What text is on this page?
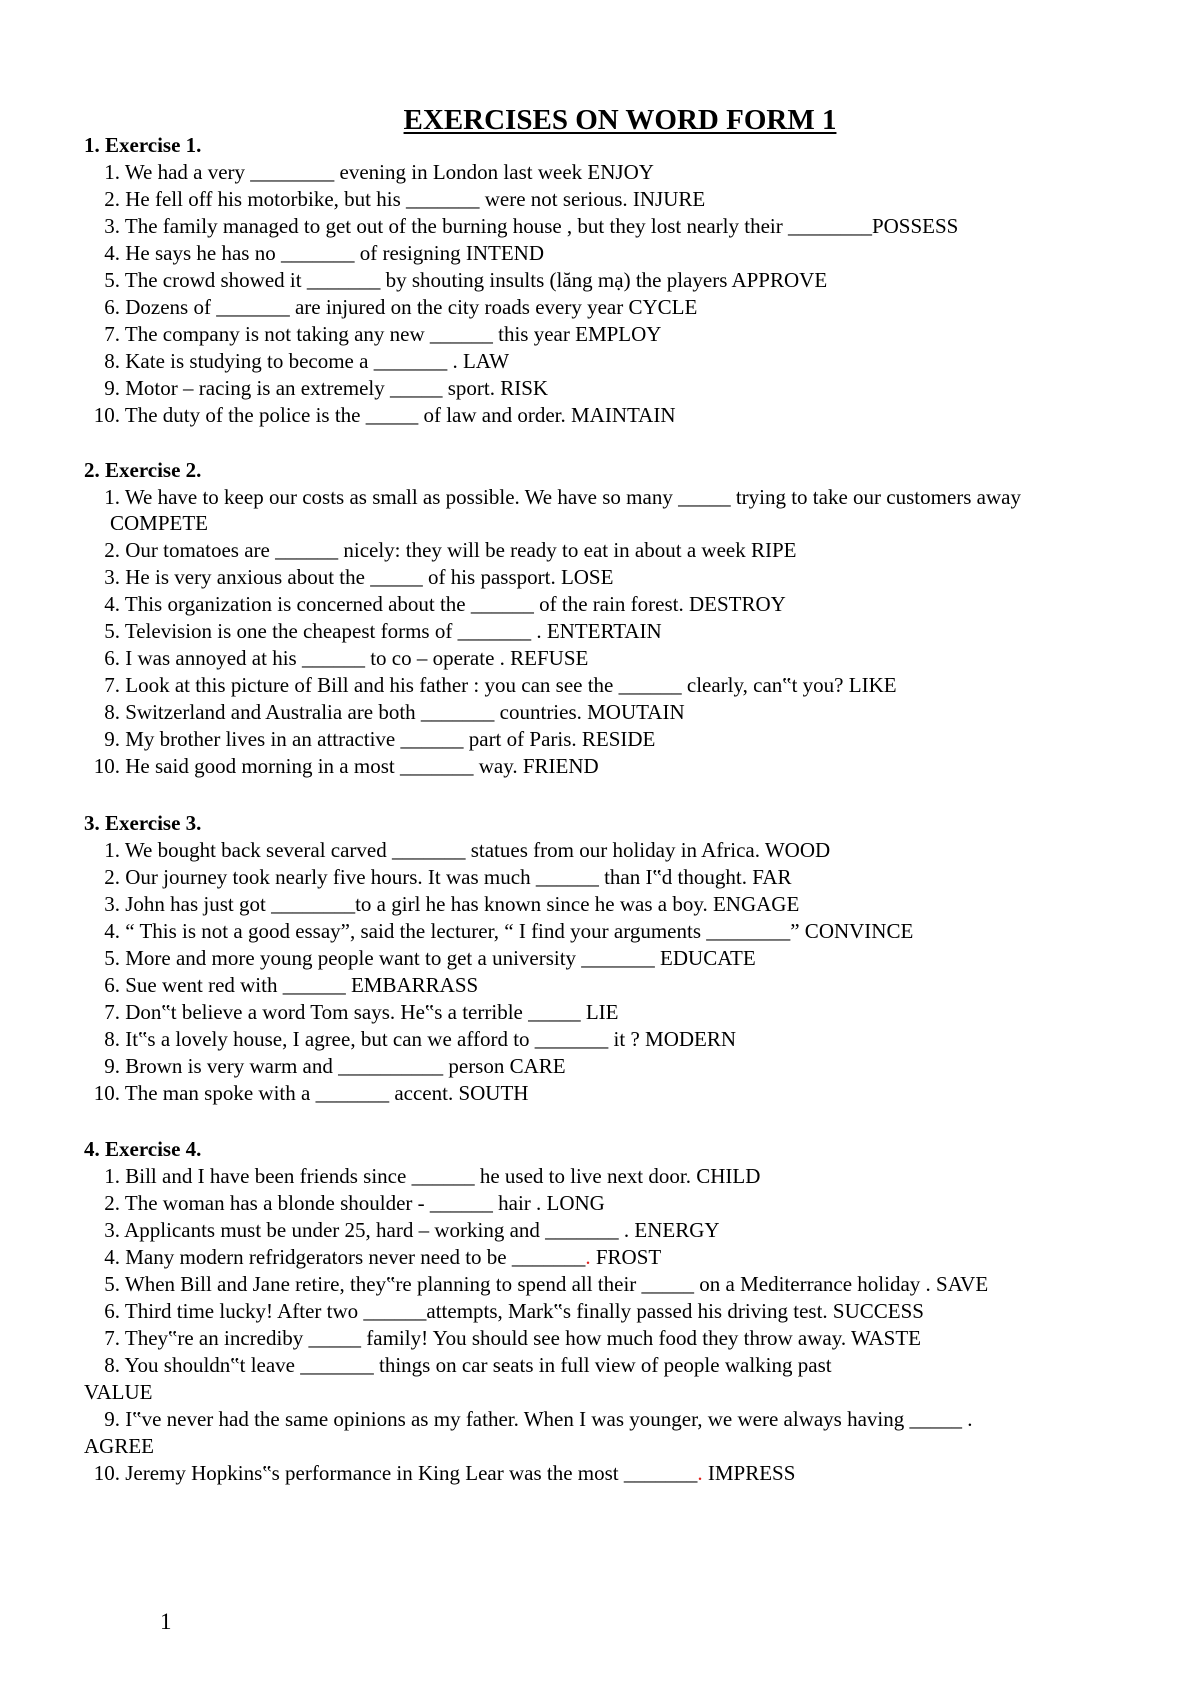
EXERCISES ON WORD FORM 1
1. Exercise 1.
1. We had a very ________ evening in London last week ENJOY
2. He fell off his motorbike, but his _______ were not serious. INJURE
3. The family managed to get out of the burning house , but they lost nearly their ________POSSESS
4. He says he has no _______ of resigning INTEND
5. The crowd showed it _______ by shouting insults (lăng mạ) the players APPROVE
6. Dozens of _______ are injured on the city roads every year CYCLE
7. The company is not taking any new ______ this year EMPLOY
8. Kate is studying to become a _______ . LAW
9. Motor – racing is an extremely _____ sport. RISK
10. The duty of the police is the _____ of law and order. MAINTAIN
2. Exercise 2.
1. We have to keep our costs as small as possible. We have so many _____ trying to take our customers away
COMPETE
2. Our tomatoes are ______ nicely: they will be ready to eat in about a week RIPE
3. He is very anxious about the _____ of his passport. LOSE
4. This organization is concerned about the ______ of the rain forest. DESTROY
5. Television is one the cheapest forms of _______ . ENTERTAIN
6. I was annoyed at his ______ to co – operate . REFUSE
7. Look at this picture of Bill and his father : you can see the ______ clearly, can‟t you? LIKE
8. Switzerland and Australia are both _______ countries. MOUTAIN
9. My brother lives in an attractive ______ part of Paris. RESIDE
10. He said good morning in a most _______ way. FRIEND
3. Exercise 3.
1. We bought back several carved _______ statues from our holiday in Africa. WOOD
2. Our journey took nearly five hours. It was much ______ than I‟d thought. FAR
3. John has just got ________to a girl he has known since he was a boy. ENGAGE
4. “ This is not a good essay”, said the lecturer, “ I find your arguments ________” CONVINCE
5. More and more young people want to get a university _______ EDUCATE
6. Sue went red with ______ EMBARRASS
7. Don‟t believe a word Tom says. He‟s a terrible _____ LIE
8. It‟s a lovely house, I agree, but can we afford to _______ it ? MODERN
9. Brown is very warm and __________ person CARE
10. The man spoke with a _______ accent. SOUTH
4. Exercise 4.
1. Bill and I have been friends since ______ he used to live next door. CHILD
2. The woman has a blonde shoulder - ______ hair . LONG
3. Applicants must be under 25, hard – working and _______ . ENERGY
4. Many modern refridgerators never need to be _______. FROST
5. When Bill and Jane retire, they‟re planning to spend all their _____ on a Mediterrance holiday . SAVE
6. Third time lucky! After two ______attempts, Mark‟s finally passed his driving test. SUCCESS
7. They‟re an incrediby _____ family! You should see how much food they throw away. WASTE
8. You shouldn‟t leave _______ things on car seats in full view of people walking past
VALUE
9. I‟ve never had the same opinions as my father. When I was younger, we were always having _____ .
AGREE
10. Jeremy Hopkins‟s performance in King Lear was the most _______. IMPRESS
1
